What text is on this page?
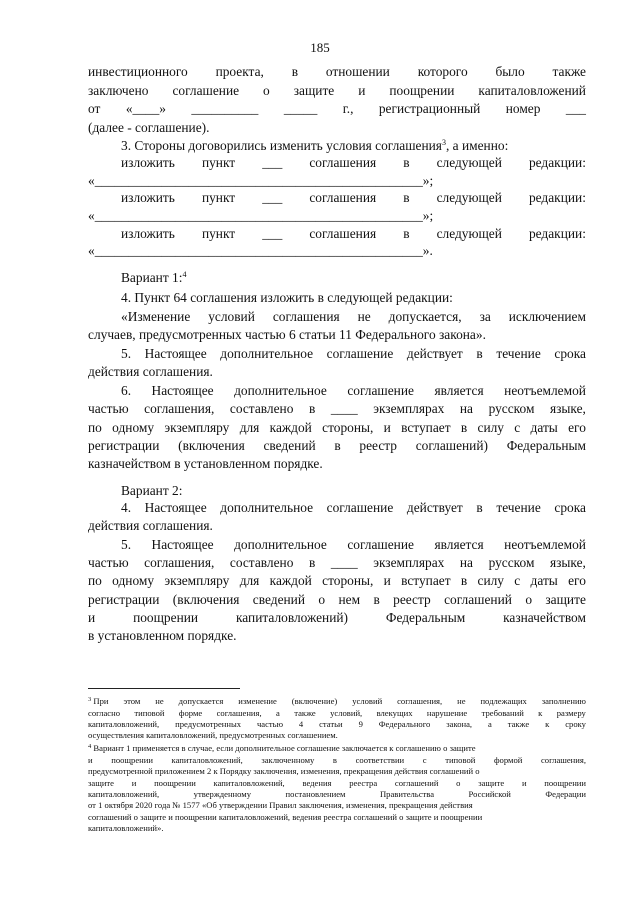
185
инвестиционного проекта, в отношении которого было также
заключено соглашение о защите и поощрении капиталовложений
от «____» __________ _____ г., регистрационный номер ___
(далее - соглашение).
3. Стороны договорились изменить условия соглашения$^3$, а именно:
изложить пункт ___ соглашения в следующей редакции:
«_________________________________________________»;
изложить пункт ___ соглашения в следующей редакции:
«_________________________________________________»;
изложить пункт ___ соглашения в следующей редакции:
«_________________________________________________».
Вариант 1:$^4$
4. Пункт 64 соглашения изложить в следующей редакции:
«Изменение условий соглашения не допускается, за исключением
случаев, предусмотренных частью 6 статьи 11 Федерального закона».
5. Настоящее дополнительное соглашение действует в течение срока
действия соглашения.
6. Настоящее дополнительное соглашение является неотъемлемой
частью соглашения, составлено в ____ экземплярах на русском языке,
по одному экземпляру для каждой стороны, и вступает в силу с даты его
регистрации (включения сведений в реестр соглашений) Федеральным
казначейством в установленном порядке.
Вариант 2:
4. Настоящее дополнительное соглашение действует в течение срока
действия соглашения.
5. Настоящее дополнительное соглашение является неотъемлемой
частью соглашения, составлено в ____ экземплярах на русском языке,
по одному экземпляру для каждой стороны, и вступает в силу с даты его
регистрации (включения сведений о нем в реестр соглашений о защите
и	поощрении	капиталовложений)	Федеральным	казначейством
в установленном порядке.
$^3$ При этом не допускается изменение (включение) условий соглашения, не подлежащих заполнению
согласно типовой форме соглашения, а также условий, влекущих нарушение требований к размеру
капиталовложений, предусмотренных частью 4 статьи 9 Федерального закона, а также к сроку
осуществления капиталовложений, предусмотренных соглашением.
$^4$ Вариант 1 применяется в случае, если дополнительное соглашение заключается к соглашению о защите
и поощрении капиталовложений, заключенному в соответствии с типовой формой соглашения,
предусмотренной приложением 2 к Порядку заключения, изменения, прекращения действия соглашений о
защите и поощрении капиталовложений, ведения реестра соглашений о защите и поощрении
капиталовложений,	утвержденному	постановлением	Правительства	Российской	Федерации
от 1 октября 2020 года № 1577 «Об утверждении Правил заключения, изменения, прекращения действия
соглашений о защите и поощрении капиталовложений, ведения реестра соглашений о защите и поощрении
капиталовложений».
